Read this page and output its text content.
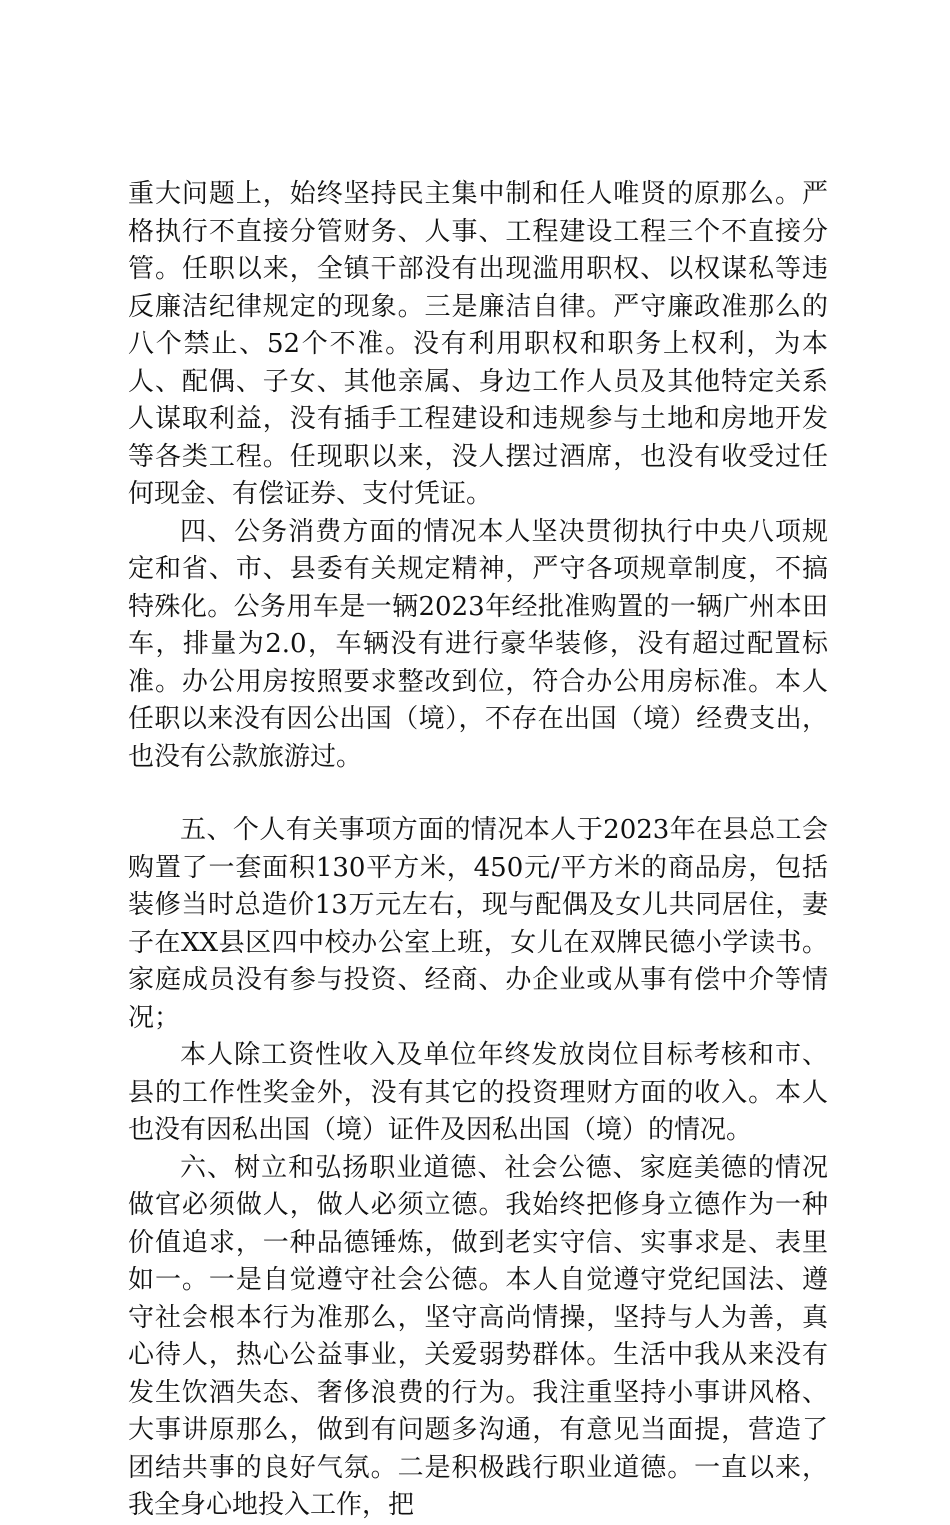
重大问题上，始终坚持民主集中制和任人唯贤的原那么。严格执行不直接分管财务、人事、工程建设工程三个不直接分管。任职以来，全镇干部没有出现滥用职权、以权谋私等违反廉洁纪律规定的现象。三是廉洁自律。严守廉政准那么的八个禁止、52个不准。没有利用职权和职务上权利，为本人、配偶、子女、其他亲属、身边工作人员及其他特定关系人谋取利益，没有插手工程建设和违规参与土地和房地开发等各类工程。任现职以来，没人摆过酒席，也没有收受过任何现金、有偿证券、支付凭证。

四、公务消费方面的情况本人坚决贯彻执行中央八项规定和省、市、县委有关规定精神，严守各项规章制度，不搞特殊化。公务用车是一辆2023年经批准购置的一辆广州本田车，排量为2.0，车辆没有进行豪华装修，没有超过配置标准。办公用房按照要求整改到位，符合办公用房标准。本人任职以来没有因公出国（境），不存在出国（境）经费支出，也没有公款旅游过。

五、个人有关事项方面的情况本人于2023年在县总工会购置了一套面积130平方米，450元/平方米的商品房，包括装修当时总造价13万元左右，现与配偶及女儿共同居住，妻子在XX县区四中校办公室上班，女儿在双牌民德小学读书。家庭成员没有参与投资、经商、办企业或从事有偿中介等情况；

本人除工资性收入及单位年终发放岗位目标考核和市、县的工作性奖金外，没有其它的投资理财方面的收入。本人也没有因私出国（境）证件及因私出国（境）的情况。

六、树立和弘扬职业道德、社会公德、家庭美德的情况做官必须做人，做人必须立德。我始终把修身立德作为一种价值追求，一种品德锤炼，做到老实守信、实事求是、表里如一。一是自觉遵守社会公德。本人自觉遵守党纪国法、遵守社会根本行为准那么，坚守高尚情操，坚持与人为善，真心待人，热心公益事业，关爱弱势群体。生活中我从来没有发生饮酒失态、奢侈浪费的行为。我注重坚持小事讲风格、大事讲原那么，做到有问题多沟通，有意见当面提，营造了团结共事的良好气氛。二是积极践行职业道德。一直以来，我全身心地投入工作，把
